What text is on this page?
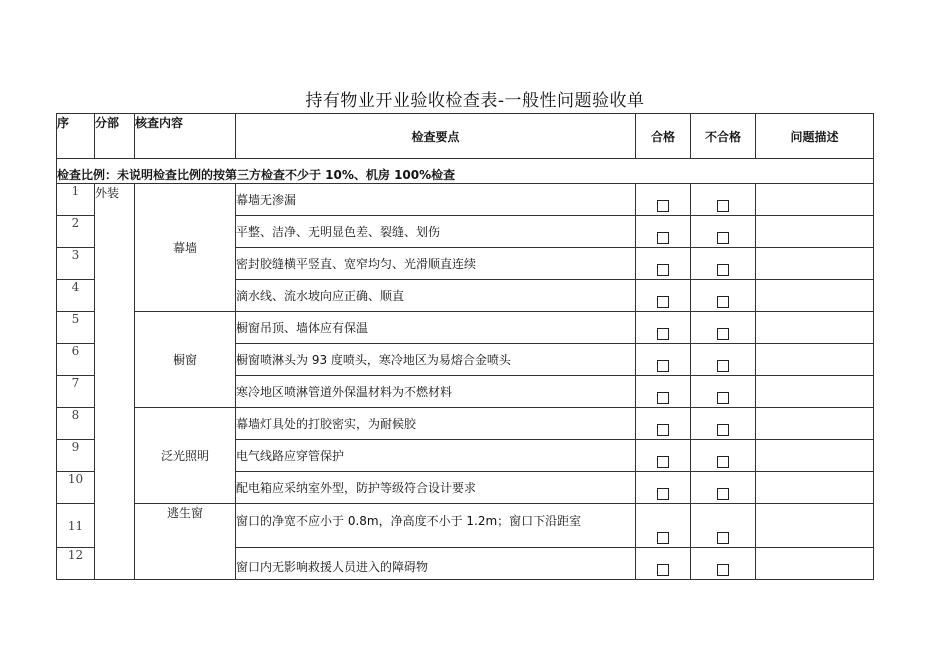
持有物业开业验收检查表-一般性问题验收单
序	分部	核查内容	检查要点	合格	不合格	问题描述
检查比例：未说明检查比例的按第三方检查不少于 10%、机房 100%检查						
1	外装	幕墙	幕墙无渗漏			
2			平整、洁净、无明显色差、裂缝、划伤			
3			密封胶缝横平竖直、宽窄均匀、光滑顺直连续			
4			滴水线、流水坡向应正确、顺直			
5		橱窗	橱窗吊顶、墙体应有保温			
6			橱窗喷淋头为 93 度喷头，寒冷地区为易熔合金喷头			
7			寒冷地区喷淋管道外保温材料为不燃材料			
8		泛光照明	幕墙灯具处的打胶密实，为耐候胶			
9			电气线路应穿管保护			
10			配电箱应采纳室外型，防护等级符合设计要求			
11		逃生窗	窗口的净宽不应小于 0.8m，净高度不小于 1.2m；窗口下沿距室			
12			窗口内无影响救援人员进入的障碍物			
